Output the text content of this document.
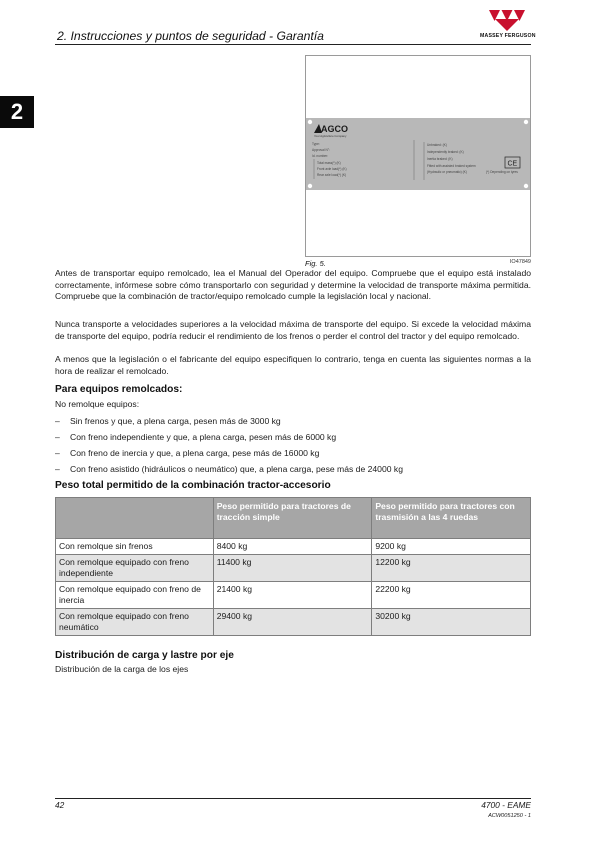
2. Instrucciones y puntos de seguridad - Garantía	MASSEY FERGUSON
2
AGCO
Your Agriculture Company
Type:
Approval N°:
Id. number:
Total mass(*) (K)
Front axle load(*) (K)
Rear axle load(*) (K)
Unbraked: (K)
Independently braked: (K)
Inertia braked: (K)
Fitted with assisted braked system
(Hydraulic or pneumatic) (K)	(*) Depending on tyres
CE
Fig. 5.	IO47849

Antes de transportar equipo remolcado, lea el Manual del Operador del equipo. Compruebe que el equipo está instalado correctamente, infórmese sobre cómo transportarlo con seguridad y determine la velocidad de transporte máxima permitida. Compruebe que la combinación de tractor/equipo remolcado cumple la legislación local y nacional.

Nunca transporte a velocidades superiores a la velocidad máxima de transporte del equipo. Si excede la velocidad máxima de transporte del equipo, podría reducir el rendimiento de los frenos o perder el control del tractor y del equipo remolcado.

A menos que la legislación o el fabricante del equipo especifiquen lo contrario, tenga en cuenta las siguientes normas a la hora de realizar el remolcado.

Para equipos remolcados:
No remolque equipos:
– Sin frenos y que, a plena carga, pesen más de 3000 kg
– Con freno independiente y que, a plena carga, pesen más de 6000 kg
– Con freno de inercia y que, a plena carga, pese más de 16000 kg
– Con freno asistido (hidráulicos o neumático) que, a plena carga, pese más de 24000 kg
Peso total permitido de la combinación tractor-accesorio
	Peso permitido para tractores de tracción simple	Peso permitido para tractores con trasmisión a las 4 ruedas
Con remolque sin frenos	8400 kg	9200 kg
Con remolque equipado con freno independiente	11400 kg	12200 kg
Con remolque equipado con freno de inercia	21400 kg	22200 kg
Con remolque equipado con freno neumático	29400 kg	30200 kg
Distribución de carga y lastre por eje
Distribución de la carga de los ejes
42	4700 - EAME
ACW0051250 - 1
